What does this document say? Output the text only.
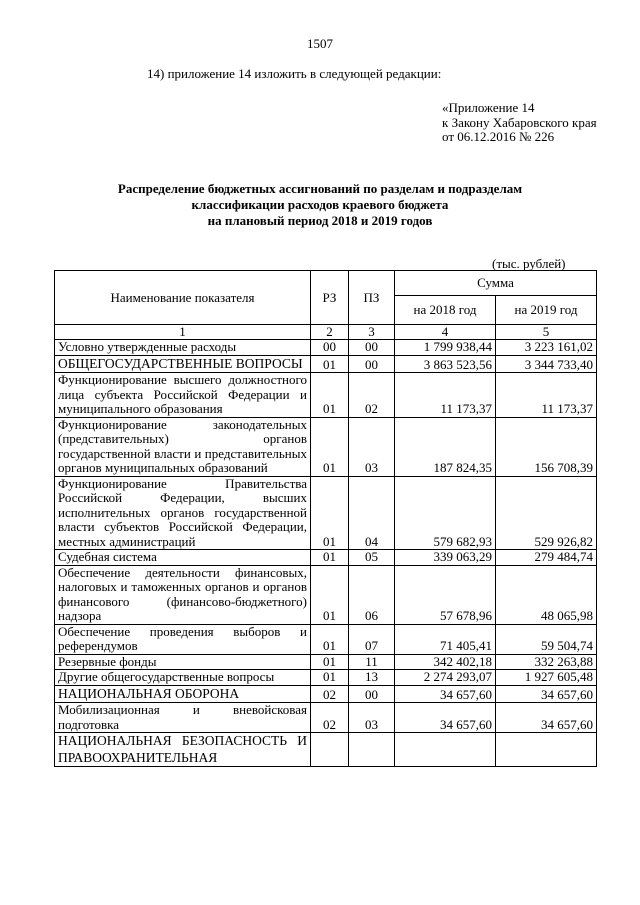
1507
14) приложение 14 изложить в следующей редакции:
«Приложение 14
к Закону Хабаровского края
от 06.12.2016 № 226
Распределение бюджетных ассигнований по разделам и подразделам
классификации расходов краевого бюджета
на плановый период 2018 и 2019 годов
(тыс. рублей)
Наименование показателя	РЗ	ПЗ	Сумма	
			на 2018 год	на 2019 год
1	2	3	4	5
Условно утвержденные расходы	00	00	1 799 938,44	3 223 161,02
ОБЩЕГОСУДАРСТВЕННЫЕ ВОПРОСЫ	01	00	3 863 523,56	3 344 733,40
Функционирование высшего должностного лица субъекта Российской Федерации и муниципального образования	01	02	11 173,37	11 173,37
Функционирование законодательных (представительных) органов государственной власти и представительных органов муниципальных образований	01	03	187 824,35	156 708,39
Функционирование Правительства Российской Федерации, высших исполнительных органов государственной власти субъектов Российской Федерации, местных администраций	01	04	579 682,93	529 926,82
Судебная система	01	05	339 063,29	279 484,74
Обеспечение деятельности финансовых, налоговых и таможенных органов и органов финансового (финансово-бюджетного) надзора	01	06	57 678,96	48 065,98
Обеспечение проведения выборов и референдумов	01	07	71 405,41	59 504,74
Резервные фонды	01	11	342 402,18	332 263,88
Другие общегосударственные вопросы	01	13	2 274 293,07	1 927 605,48
НАЦИОНАЛЬНАЯ ОБОРОНА	02	00	34 657,60	34 657,60
Мобилизационная и вневойсковая подготовка	02	03	34 657,60	34 657,60
НАЦИОНАЛЬНАЯ БЕЗОПАСНОСТЬ И ПРАВООХРАНИТЕЛЬНАЯ				
